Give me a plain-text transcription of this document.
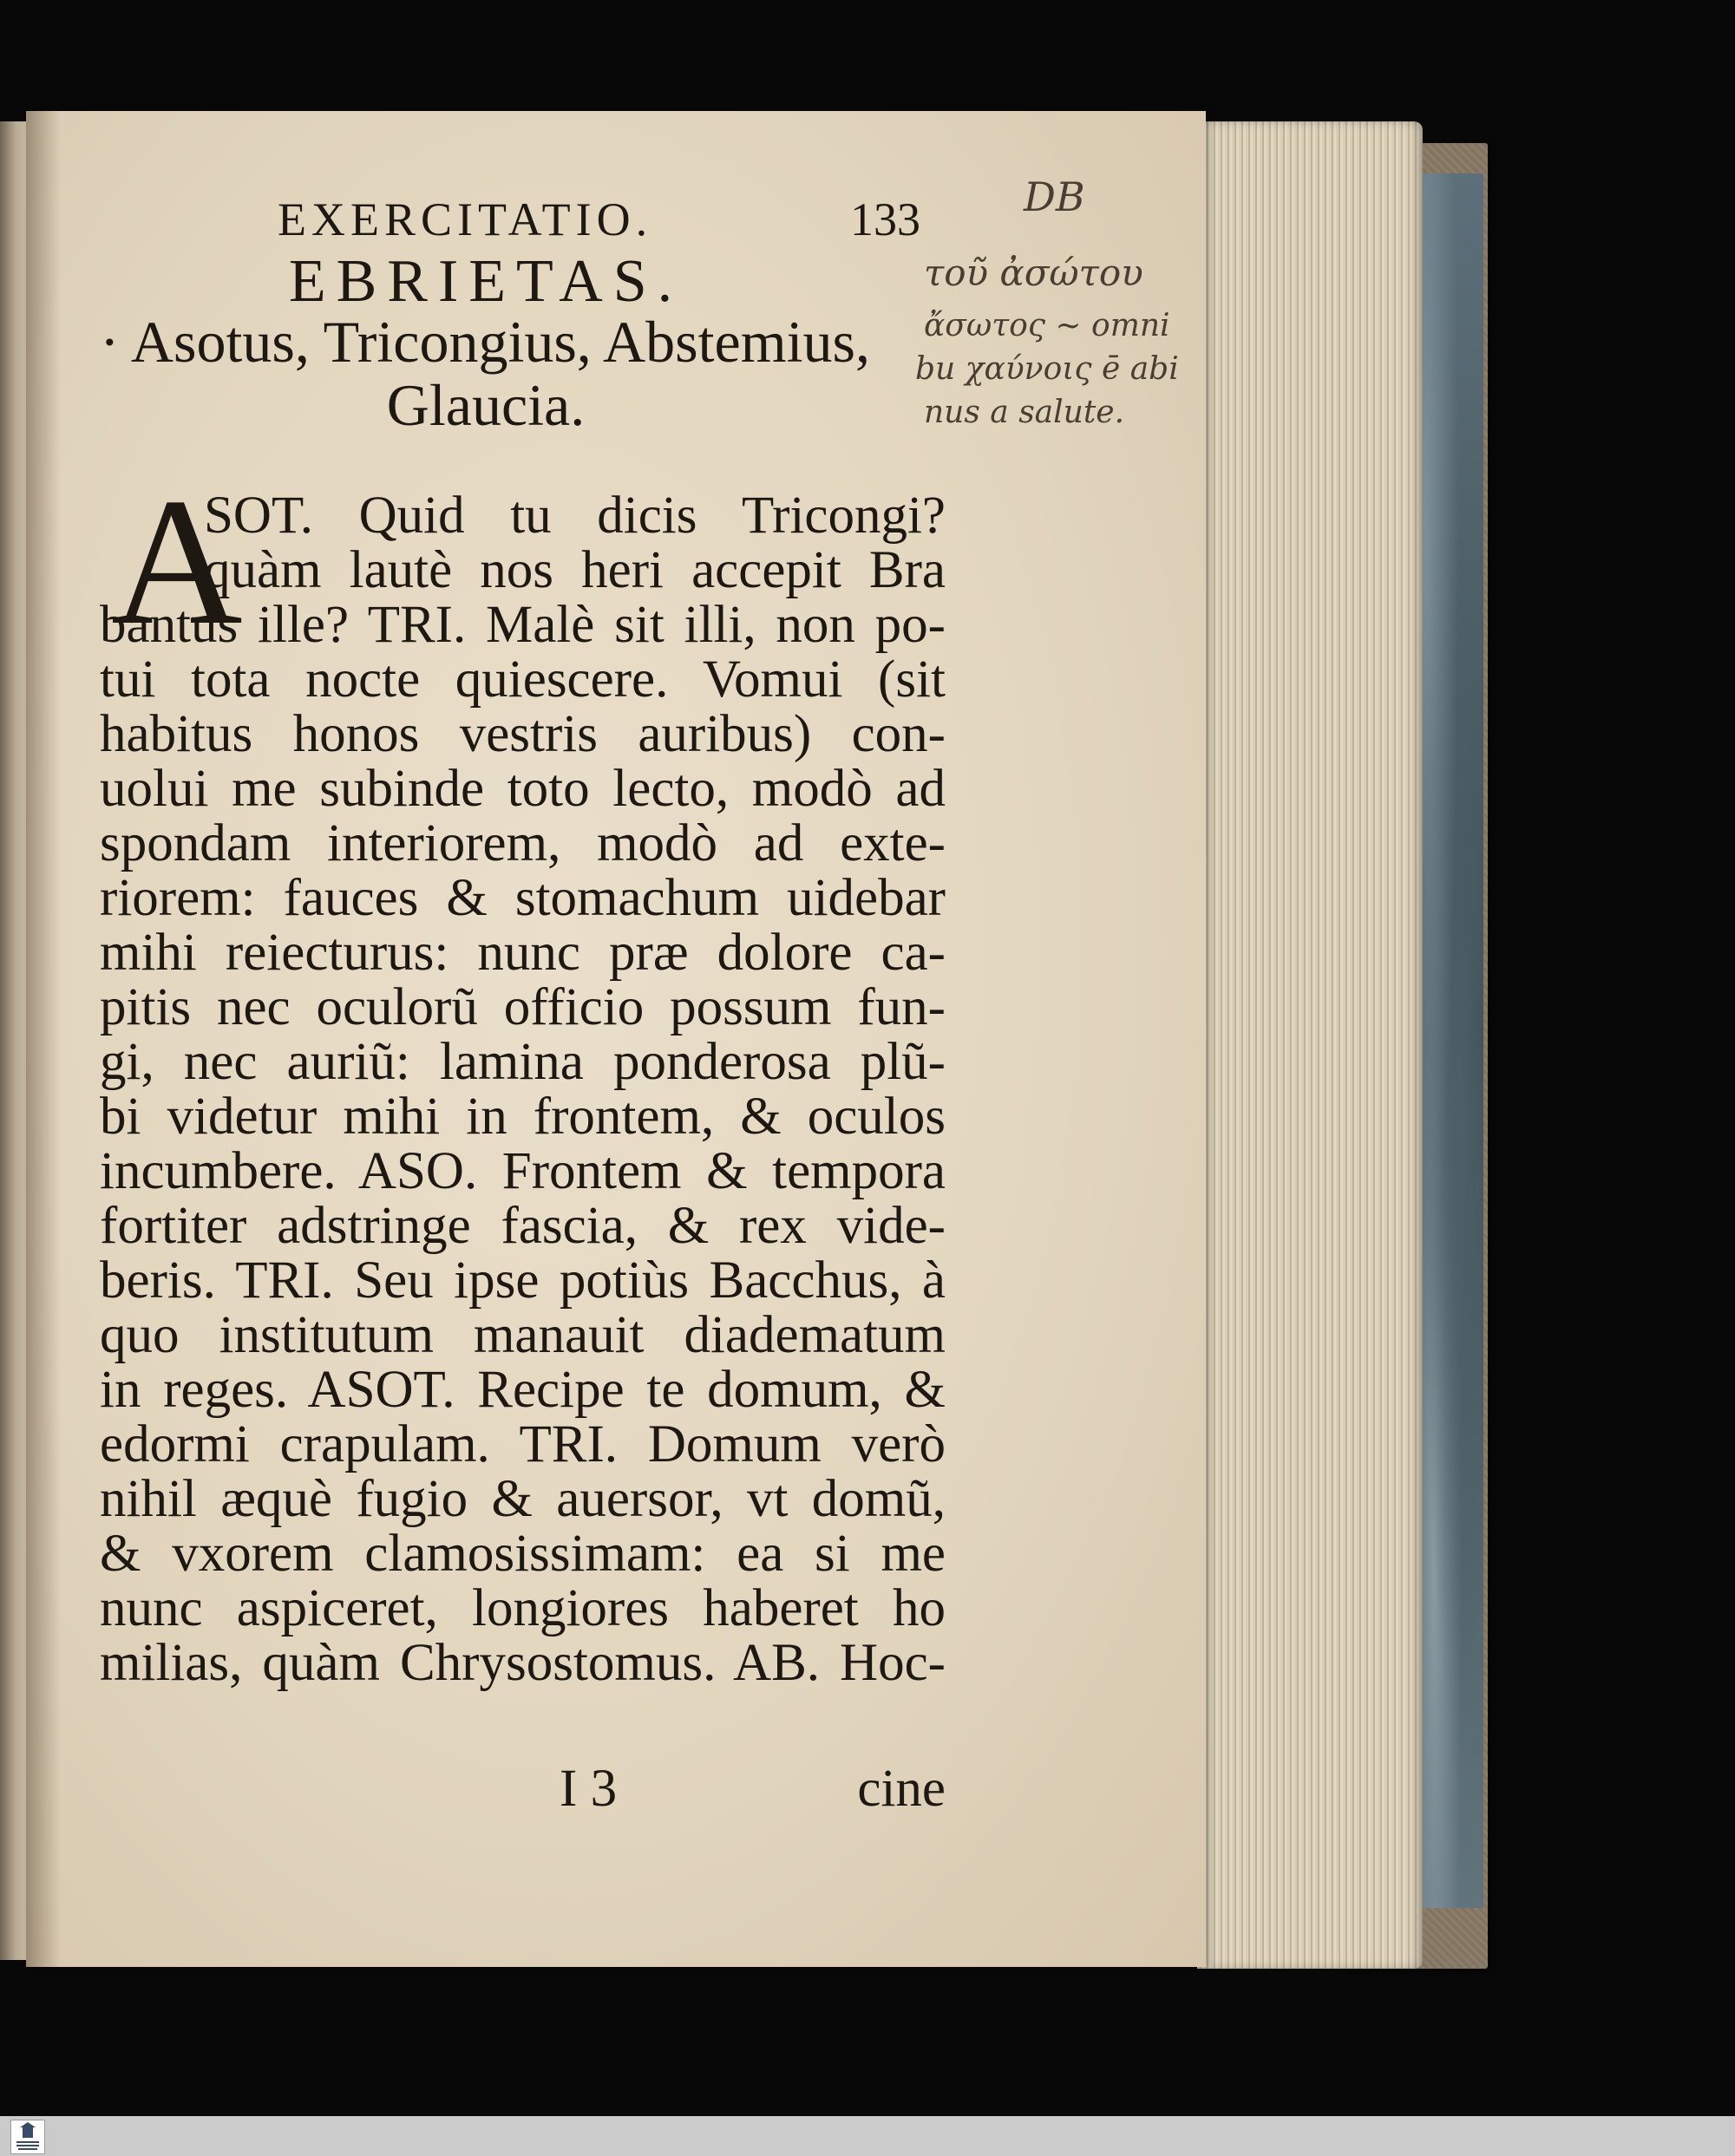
EXERCITATIO.	133
EBRIETAS.
· Asotus, Tricongius, Abstemius,
Glaucia.
A
SOT. Quid tu dicis Tricongi?
quàm lautè nos heri accepit Bra
bantus ille? TRI. Malè sit illi, non po-
tui tota nocte quiescere. Vomui (sit
habitus honos vestris auribus) con-
uolui me subinde toto lecto, modò ad
spondam interiorem, modò ad exte-
riorem: fauces & stomachum uidebar
mihi reiecturus: nunc præ dolore ca-
pitis nec oculorũ officio possum fun-
gi, nec auriũ: lamina ponderosa plũ-
bi videtur mihi in frontem, & oculos
incumbere. ASO. Frontem & tempora
fortiter adstringe fascia, & rex vide-
beris. TRI. Seu ipse potiùs Bacchus, à
quo institutum manauit diadematum
in reges. ASOT. Recipe te domum, &
edormi crapulam. TRI. Domum verò
nihil æquè fugio & auersor, vt domũ,
& vxorem clamosissimam: ea si me
nunc aspiceret, longiores haberet ho
milias, quàm Chrysostomus. AB. Hoc-
I 3	cine
DB
τοῦ ἀσώτου
ἄσωτος ~ omni
bu χαύνοις ē abi
nus a salute.
